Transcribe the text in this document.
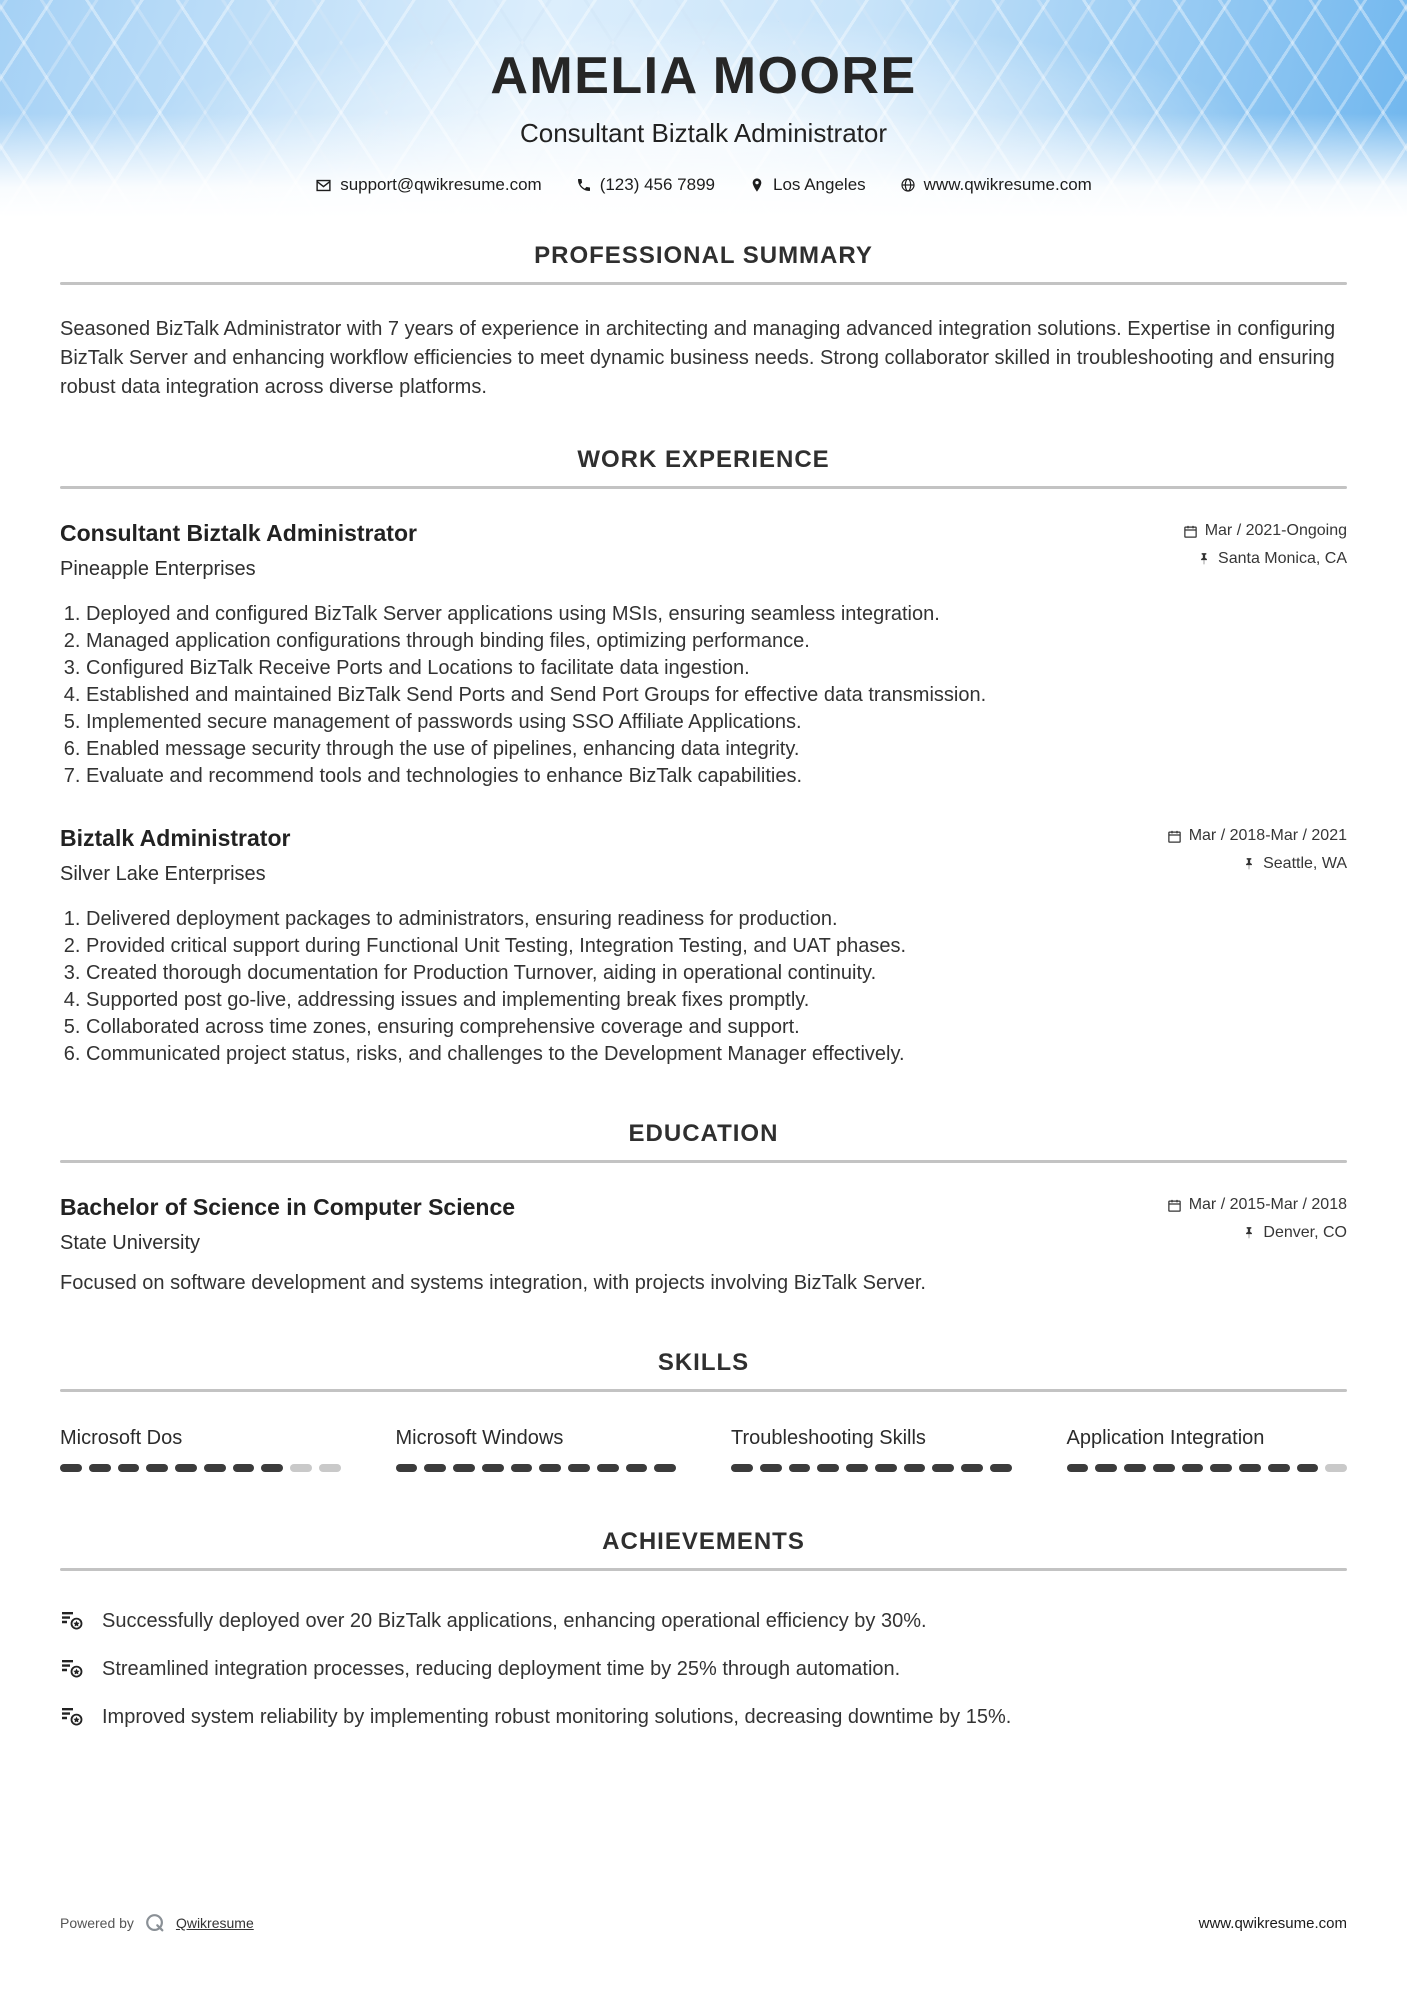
AMELIA MOORE
Consultant Biztalk Administrator
support@qwikresume.com	(123) 456 7899	Los Angeles	www.qwikresume.com
PROFESSIONAL SUMMARY

Seasoned BizTalk Administrator with 7 years of experience in architecting and managing advanced integration solutions. Expertise in configuring BizTalk Server and enhancing workflow efficiencies to meet dynamic business needs. Strong collaborator skilled in troubleshooting and ensuring robust data integration across diverse platforms.

WORK EXPERIENCE
Consultant Biztalk Administrator
Pineapple Enterprises
Mar / 2021-Ongoing
Santa Monica, CA
1. Deployed and configured BizTalk Server applications using MSIs, ensuring seamless integration.
2. Managed application configurations through binding files, optimizing performance.
3. Configured BizTalk Receive Ports and Locations to facilitate data ingestion.
4. Established and maintained BizTalk Send Ports and Send Port Groups for effective data transmission.
5. Implemented secure management of passwords using SSO Affiliate Applications.
6. Enabled message security through the use of pipelines, enhancing data integrity.
7. Evaluate and recommend tools and technologies to enhance BizTalk capabilities.
Biztalk Administrator
Silver Lake Enterprises
Mar / 2018-Mar / 2021
Seattle, WA
1. Delivered deployment packages to administrators, ensuring readiness for production.
2. Provided critical support during Functional Unit Testing, Integration Testing, and UAT phases.
3. Created thorough documentation for Production Turnover, aiding in operational continuity.
4. Supported post go-live, addressing issues and implementing break fixes promptly.
5. Collaborated across time zones, ensuring comprehensive coverage and support.
6. Communicated project status, risks, and challenges to the Development Manager effectively.
EDUCATION
Bachelor of Science in Computer Science
State University
Mar / 2015-Mar / 2018
Denver, CO

Focused on software development and systems integration, with projects involving BizTalk Server.

SKILLS
Microsoft Dos	Microsoft Windows	Troubleshooting Skills	Application Integration
ACHIEVEMENTS
Successfully deployed over 20 BizTalk applications, enhancing operational efficiency by 30%.
Streamlined integration processes, reducing deployment time by 25% through automation.
Improved system reliability by implementing robust monitoring solutions, decreasing downtime by 15%.
Powered by	Qwikresume	www.qwikresume.com
